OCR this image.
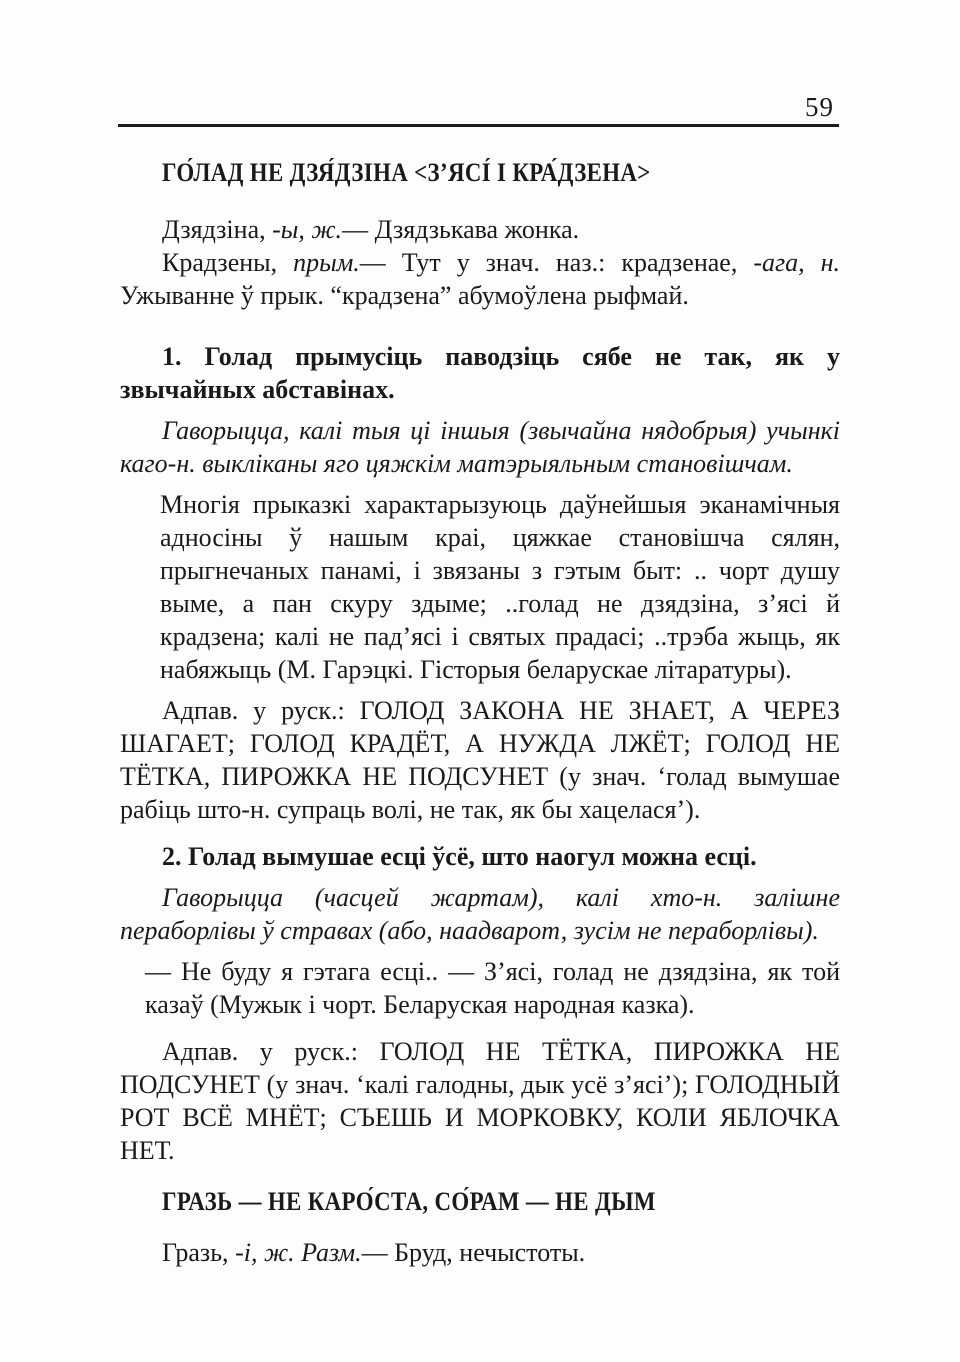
59
ГО́ЛАД НЕ ДЗЯ́ДЗІНА <З’ЯСІ́ І КРА́ДЗЕНА>

Дзядзіна, -ы, ж.— Дзядзькава жонка.

Крадзены, прым.— Тут у знач. наз.: крадзенае, -ага, н. Ужыванне ў прык. “крадзена” абумоўлена рыфмай.

1. Голад прымусіць паводзіць сябе не так, як у звычайных абставінах.

Гаворыцца, калі тыя ці іншыя (звычайна нядобрыя) учынкі каго-н. выкліканы яго цяжкім матэрыяльным становішчам.

Многія прыказкі характарызуюць даўнейшыя эканамічныя адносіны ў нашым краі, цяжкае становішча сялян, прыгнечаных панамі, і звязаны з гэтым быт: .. чорт душу выме, а пан скуру здыме; ..голад не дзядзіна, з’ясі й крадзена; калі не пад’ясі і святых прадасі; ..трэба жыць, як набяжыць (М. Гарэцкі. Гісторыя беларускае літаратуры).

Адпав. у руск.: ГОЛОД ЗАКОНА НЕ ЗНАЕТ, А ЧЕРЕЗ ШАГАЕТ; ГОЛОД КРАДЁТ, А НУЖДА ЛЖЁТ; ГОЛОД НЕ ТЁТКА, ПИРОЖКА НЕ ПОДСУНЕТ (у знач. ‘голад вымушае рабіць што-н. супраць волі, не так, як бы хацелася’).

2. Голад вымушае есці ўсё, што наогул можна есці.

Гаворыцца (часцей жартам), калі хто-н. залішне пераборлівы ў стравах (або, наадварот, зусім не пераборлівы).

— Не буду я гэтага есці.. — З’ясі, голад не дзядзіна, як той казаў (Мужык і чорт. Беларуская народная казка).

Адпав. у руск.: ГОЛОД НЕ ТЁТКА, ПИРОЖКА НЕ ПОДСУНЕТ (у знач. ‘калі галодны, дык усё з’ясі’); ГОЛОДНЫЙ РОТ ВСЁ МНЁТ; СЪЕШЬ И МОРКОВКУ, КОЛИ ЯБЛОЧКА НЕТ.

ГРАЗЬ — НЕ КАРО́СТА, СО́РАМ — НЕ ДЫМ

Гразь, -і, ж. Разм.— Бруд, нечыстоты.
